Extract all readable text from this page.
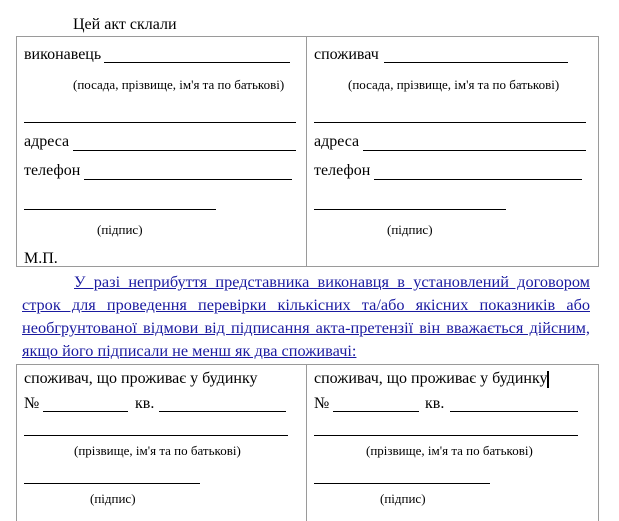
Цей акт склали
виконавець
(посада, прізвище, ім'я та по батькові)
адреса
телефон
(підпис)
М.П.
споживач
(посада, прізвище, ім'я та по батькові)
адреса
телефон
(підпис)
У разі неприбуття представника виконавця в установлений договором
строк для проведення перевірки кількісних та/або якісних показників або
необгрунтованої відмови від підписання акта-претензії він вважається дійсним,
якщо його підписали не менш як два споживачі:
споживач, що проживає у будинку
№	кв.
(прізвище, ім'я та по батькові)
(підпис)
споживач, що проживає у будинку
№	кв.
(прізвище, ім'я та по батькові)
(підпис)
